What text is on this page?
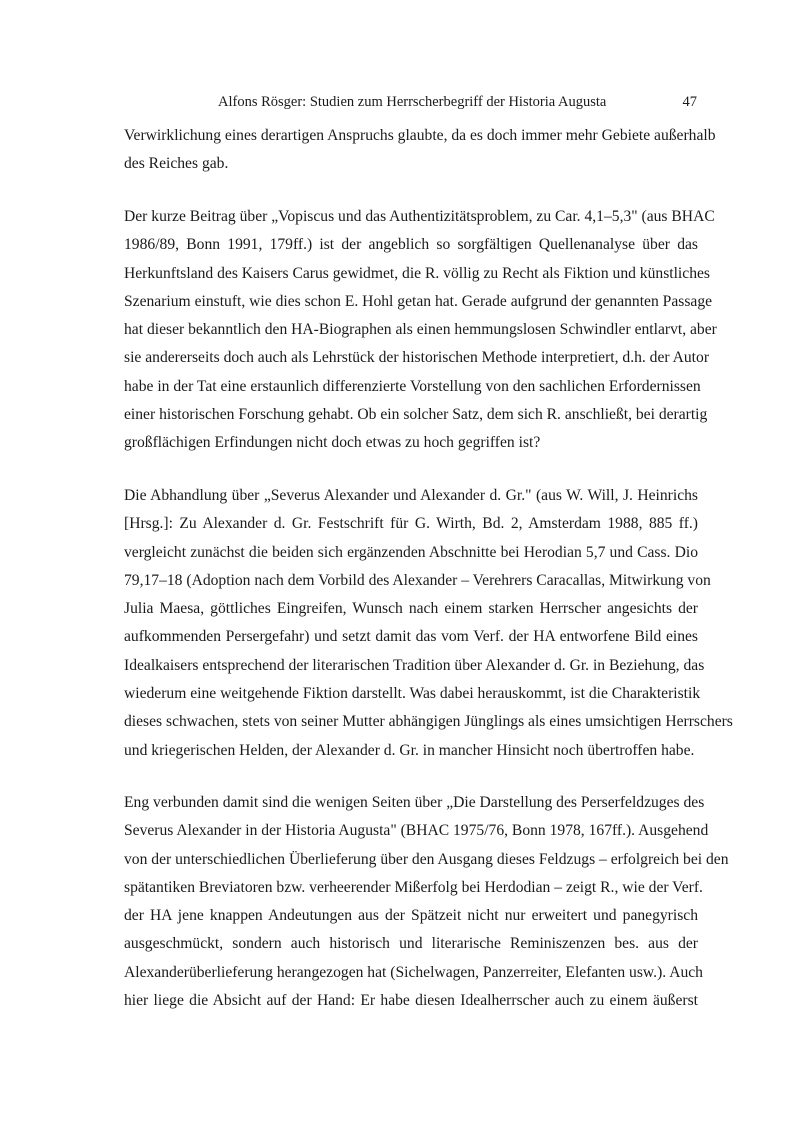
Alfons Rösger: Studien zum Herrscherbegriff der Historia Augusta	47
Verwirklichung eines derartigen Anspruchs glaubte, da es doch immer mehr Gebiete außerhalb
des Reiches gab.
Der kurze Beitrag über „Vopiscus und das Authentizitätsproblem, zu Car. 4,1–5,3" (aus BHAC
1986/89, Bonn 1991, 179ff.) ist der angeblich so sorgfältigen Quellenanalyse über das
Herkunftsland des Kaisers Carus gewidmet, die R. völlig zu Recht als Fiktion und künstliches
Szenarium einstuft, wie dies schon E. Hohl getan hat. Gerade aufgrund der genannten Passage
hat dieser bekanntlich den HA-Biographen als einen hemmungslosen Schwindler entlarvt, aber
sie andererseits doch auch als Lehrstück der historischen Methode interpretiert, d.h. der Autor
habe in der Tat eine erstaunlich differenzierte Vorstellung von den sachlichen Erfordernissen
einer historischen Forschung gehabt. Ob ein solcher Satz, dem sich R. anschließt, bei derartig
großflächigen Erfindungen nicht doch etwas zu hoch gegriffen ist?
Die Abhandlung über „Severus Alexander und Alexander d. Gr." (aus W. Will, J. Heinrichs
[Hrsg.]: Zu Alexander d. Gr. Festschrift für G. Wirth, Bd. 2, Amsterdam 1988, 885 ff.)
vergleicht zunächst die beiden sich ergänzenden Abschnitte bei Herodian 5,7 und Cass. Dio
79,17–18 (Adoption nach dem Vorbild des Alexander – Verehrers Caracallas, Mitwirkung von
Julia Maesa, göttliches Eingreifen, Wunsch nach einem starken Herrscher angesichts der
aufkommenden Persergefahr) und setzt damit das vom Verf. der HA entworfene Bild eines
Idealkaisers entsprechend der literarischen Tradition über Alexander d. Gr. in Beziehung, das
wiederum eine weitgehende Fiktion darstellt. Was dabei herauskommt, ist die Charakteristik
dieses schwachen, stets von seiner Mutter abhängigen Jünglings als eines umsichtigen Herrschers
und kriegerischen Helden, der Alexander d. Gr. in mancher Hinsicht noch übertroffen habe.
Eng verbunden damit sind die wenigen Seiten über „Die Darstellung des Perserfeldzuges des
Severus Alexander in der Historia Augusta" (BHAC 1975/76, Bonn 1978, 167ff.). Ausgehend
von der unterschiedlichen Überlieferung über den Ausgang dieses Feldzugs – erfolgreich bei den
spätantiken Breviatoren bzw. verheerender Mißerfolg bei Herdodian – zeigt R., wie der Verf.
der HA jene knappen Andeutungen aus der Spätzeit nicht nur erweitert und panegyrisch
ausgeschmückt, sondern auch historisch und literarische Reminiszenzen bes. aus der
Alexanderüberlieferung herangezogen hat (Sichelwagen, Panzerreiter, Elefanten usw.). Auch
hier liege die Absicht auf der Hand: Er habe diesen Idealherrscher auch zu einem äußerst
